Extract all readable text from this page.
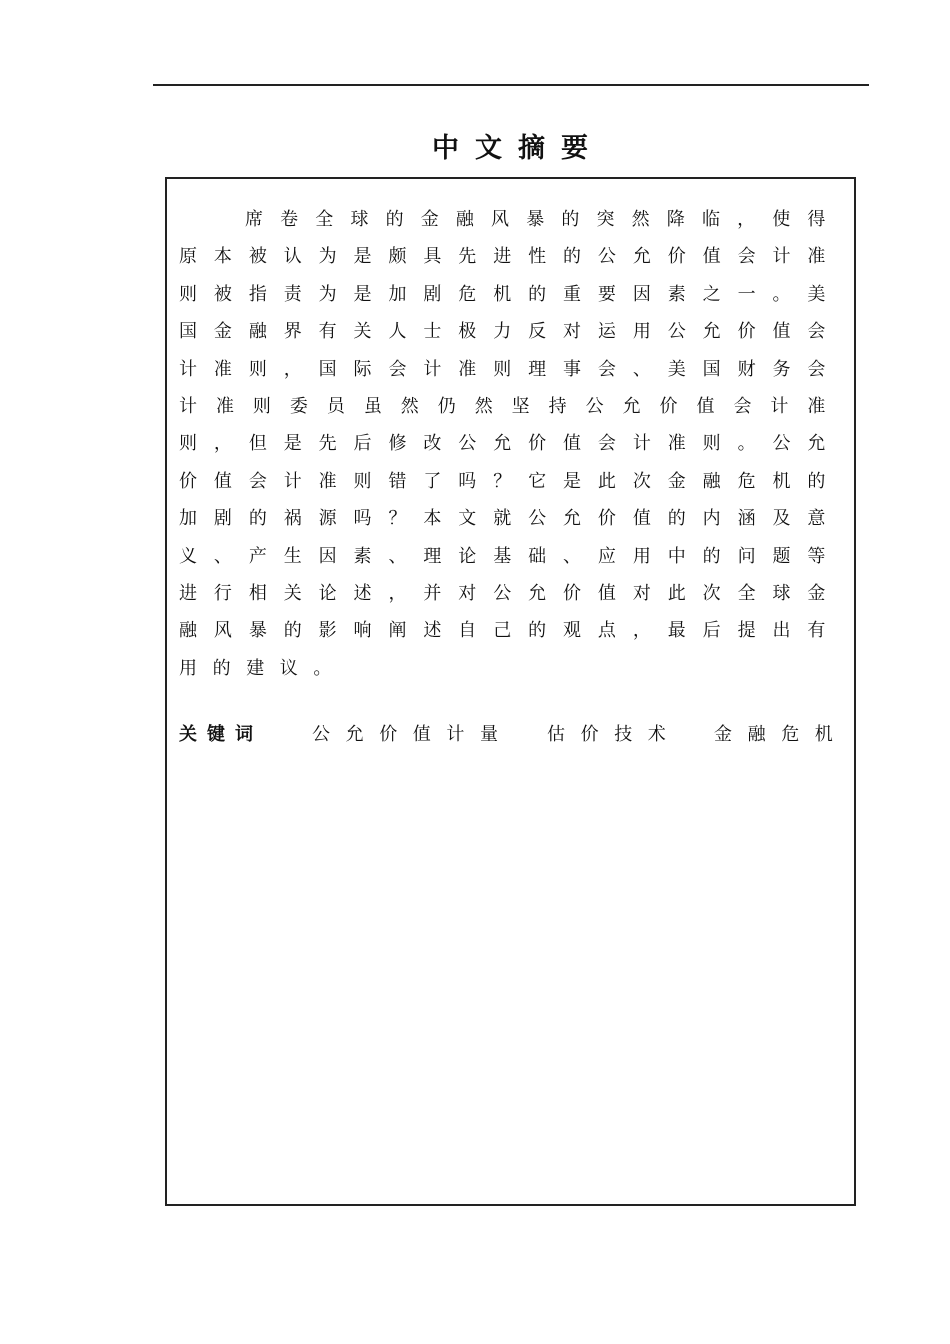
中文摘要

席卷全球的金融风暴的突然降临，使得原本被认为是颇具先进性的公允价值会计准则被指责为是加剧危机的重要因素之一。美国金融界有关人士极力反对运用公允价值会计准则，国际会计准则理事会、美国财务会计准则委员虽然仍然坚持公允价值会计准则，但是先后修改公允价值会计准则。公允价值会计准则错了吗？它是此次金融危机的加剧的祸源吗？本文就公允价值的内涵及意义、产生因素、理论基础、应用中的问题等进行相关论述，并对公允价值对此次全球金融风暴的影响阐述自己的观点，最后提出有用的建议。

关键词	公允价值计量 估价技术 金融危机
